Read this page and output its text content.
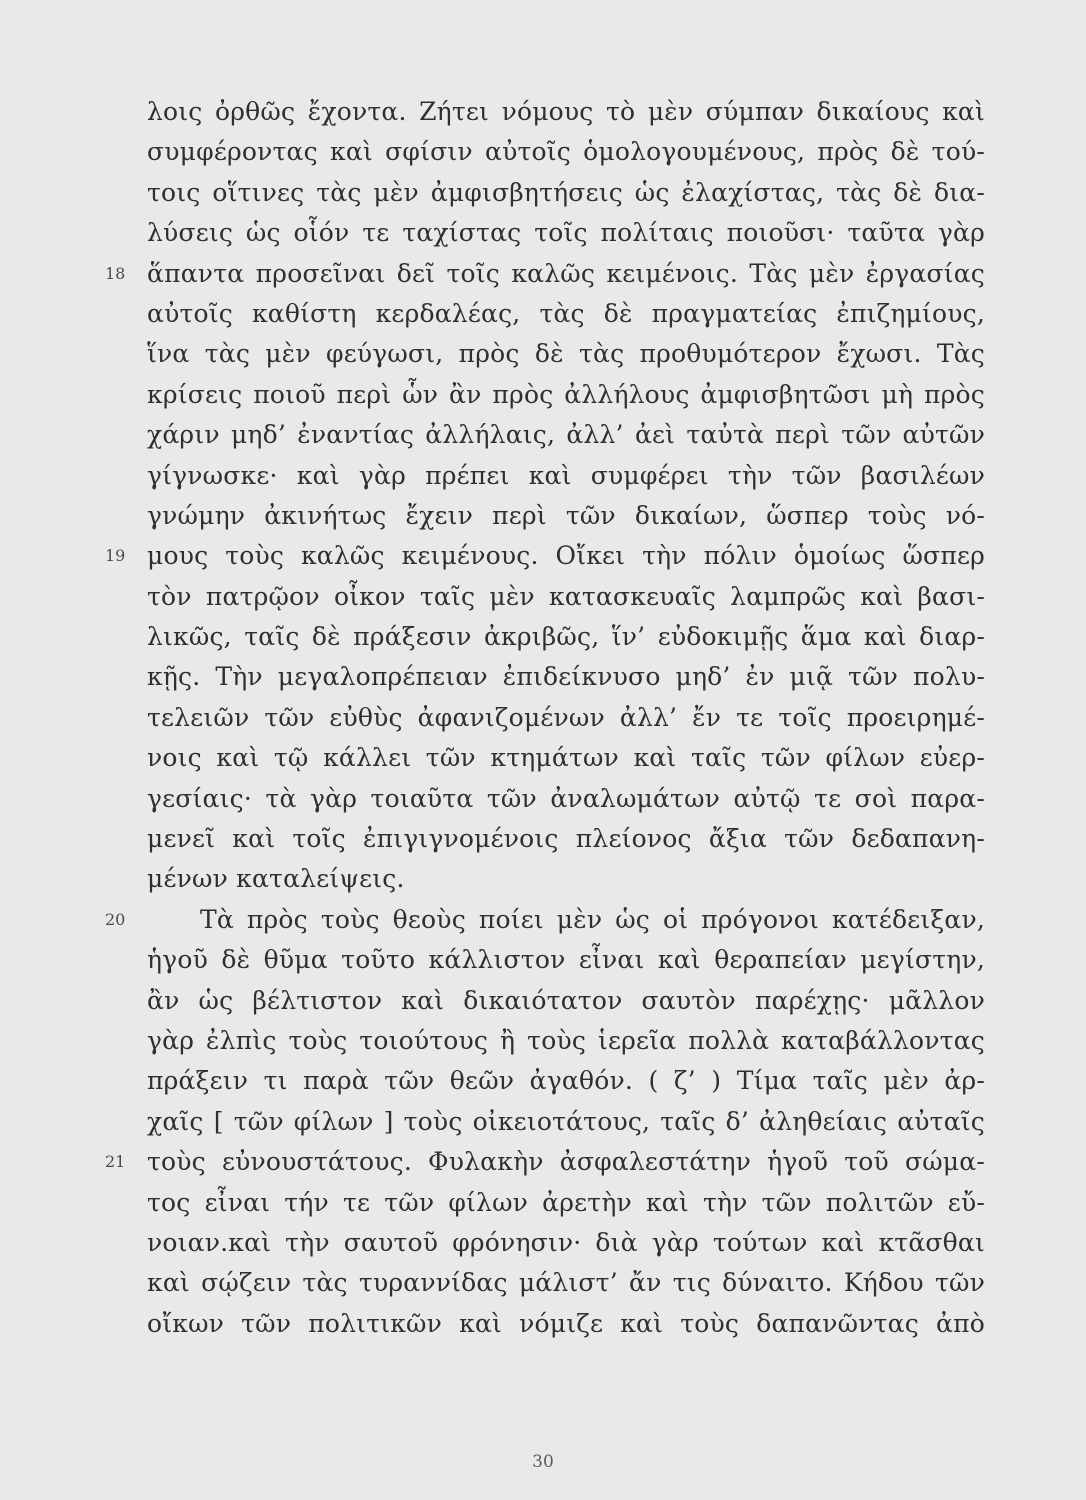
λοις ὀρθῶς ἔχοντα. Ζήτει νόμους τὸ μὲν σύμπαν δικαίους καὶ
συμφέροντας καὶ σφίσιν αὐτοῖς ὁμολογουμένους, πρὸς δὲ τού-
τοις οἵτινες τὰς μὲν ἀμφισβητήσεις ὡς ἐλαχίστας, τὰς δὲ δια-
λύσεις ὡς οἷόν τε ταχίστας τοῖς πολίταις ποιοῦσι· ταῦτα γὰρ
18 ἅπαντα προσεῖναι δεῖ τοῖς καλῶς κειμένοις. Τὰς μὲν ἐργασίας
αὐτοῖς καθίστη κερδαλέας, τὰς δὲ πραγματείας ἐπιζημίους,
ἵνα τὰς μὲν φεύγωσι, πρὸς δὲ τὰς προθυμότερον ἔχωσι. Τὰς
κρίσεις ποιοῦ περὶ ὧν ἂν πρὸς ἀλλήλους ἀμφισβητῶσι μὴ πρὸς
χάριν μηδ’ ἐναντίας ἀλλήλαις, ἀλλ’ ἀεὶ ταὐτὰ περὶ τῶν αὐτῶν
γίγνωσκε· καὶ γὰρ πρέπει καὶ συμφέρει τὴν τῶν βασιλέων
γνώμην ἀκινήτως ἔχειν περὶ τῶν δικαίων, ὥσπερ τοὺς νό-
19 μους τοὺς καλῶς κειμένους. Οἴκει τὴν πόλιν ὁμοίως ὥσπερ
τὸν πατρῷον οἶκον ταῖς μὲν κατασκευαῖς λαμπρῶς καὶ βασι-
λικῶς, ταῖς δὲ πράξεσιν ἀκριβῶς, ἵν’ εὐδοκιμῇς ἅμα καὶ διαρ-
κῇς. Τὴν μεγαλοπρέπειαν ἐπιδείκνυσο μηδ’ ἐν μιᾷ τῶν πολυ-
τελειῶν τῶν εὐθὺς ἀφανιζομένων ἀλλ’ ἔν τε τοῖς προειρημέ-
νοις καὶ τῷ κάλλει τῶν κτημάτων καὶ ταῖς τῶν φίλων εὐερ-
γεσίαις· τὰ γὰρ τοιαῦτα τῶν ἀναλωμάτων αὐτῷ τε σοὶ παρα-
μενεῖ καὶ τοῖς ἐπιγιγνομένοις πλείονος ἄξια τῶν δεδαπανη-
μένων καταλείψεις.
20	Τὰ πρὸς τοὺς θεοὺς ποίει μὲν ὡς οἱ πρόγονοι κατέδειξαν,
ἡγοῦ δὲ θῦμα τοῦτο κάλλιστον εἶναι καὶ θεραπείαν μεγίστην,
ἂν ὡς βέλτιστον καὶ δικαιότατον σαυτὸν παρέχῃς· μᾶλλον
γὰρ ἐλπὶς τοὺς τοιούτους ἢ τοὺς ἱερεῖα πολλὰ καταβάλλοντας
πράξειν τι παρὰ τῶν θεῶν ἀγαθόν. ( ζ’ ) Τίμα ταῖς μὲν ἀρ-
χαῖς [ τῶν φίλων ] τοὺς οἰκειοτάτους, ταῖς δ’ ἀληθείαις αὐταῖς
21 τοὺς εὐνουστάτους. Φυλακὴν ἀσφαλεστάτην ἡγοῦ τοῦ σώμα-
τος εἶναι τήν τε τῶν φίλων ἀρετὴν καὶ τὴν τῶν πολιτῶν εὔ-
νοιαν.καὶ τὴν σαυτοῦ φρόνησιν· διὰ γὰρ τούτων καὶ κτᾶσθαι
καὶ σῴζειν τὰς τυραννίδας μάλιστ’ ἄν τις δύναιτο. Κήδου τῶν
οἴκων τῶν πολιτικῶν καὶ νόμιζε καὶ τοὺς δαπανῶντας ἀπὸ
30
